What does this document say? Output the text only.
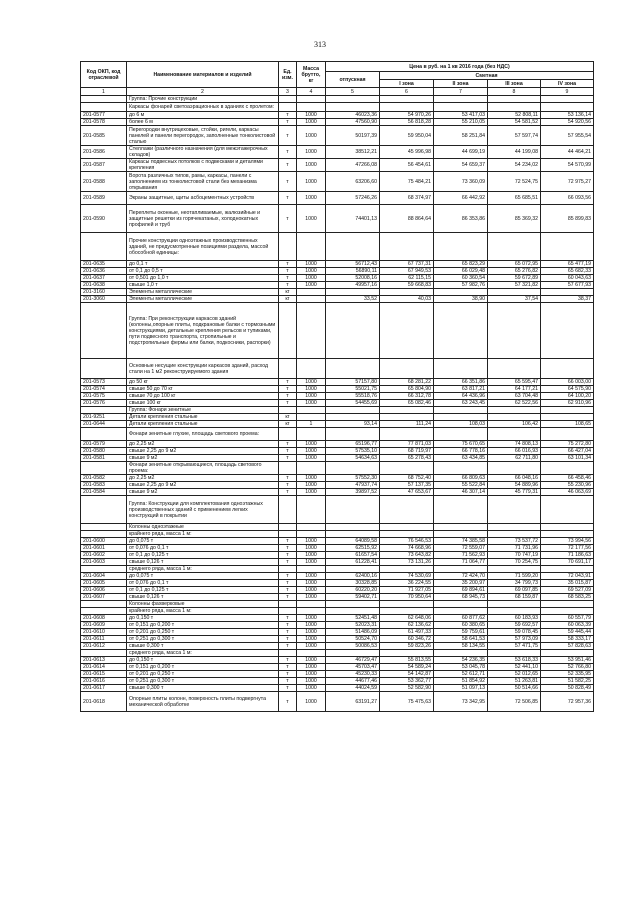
313
Код ОКП, код отраслевой	Наименование материалов и изделий	Ед. изм.	Масса брутто, кг	Цена в руб. на 1 кв 2016 года (без НДС)				
				отпускная	Сметная			
					I зона	II зона	III зона	IV зона
1	2	3	4	5	6	7	8	9
	Группа: Прочие конструкции							
	Каркасы фонарей светоаэрационных в зданиях с пролетом:							
201-0577	до 6 м	т	1000	46023,36	54 970,26	53 417,03	52 808,11	53 136,14
201-0578	более 6 м	т	1000	47560,90	56 818,28	55 210,05	54 581,52	54 920,56
201-0585	Перегородки внутрицеховые, стойки, ригели, каркасы панелей и панели перегородок, заполненные тонколистовой сталью	т	1000	50197,39	59 950,04	58 251,84	57 597,74	57 955,54
201-0586	Стеллажи (различного назначения (для межэтажерочных складов)	т	1000	38512,21	45 996,98	44 699,19	44 199,08	44 464,21
201-0587	Каркасы подвесных потолков с подвесками и деталями крепления	т	1000	47266,08	56 454,61	54 659,37	54 234,02	54 570,99
201-0588	Ворота различных типов, рамы, каркасы, панели с заполнением из тонколистовой стали без механизма открывания	т	1000	63206,60	75 484,21	73 360,09	72 524,75	72 975,27
201-0589	Экраны защитные, щиты асбоцементных устройств	т	1000	57246,26	68 374,97	66 442,92	65 685,51	66 093,56
201-0590	Переплеты оконные, неотапливаемые, жалюзийные и защитные решетки из горячекатаных, холоднокатных профилей и труб	т	1000	74401,13	88 864,64	86 353,86	85 369,32	85 899,83
	Прочие конструкции одноэтажных производственных зданий, не предусмотренные позициями раздела, массой обособной единицы:							
201-0635	до 0,1 т	т	1000	56712,43	67 737,31	65 823,29	65 072,95	65 477,19
201-0636	от 0,1 до 0,5 т	т	1000	56890,11	67 949,53	66 029,48	65 276,82	65 682,33
201-0637	от 0,501 до 1,0 т	т	1000	52008,16	62 115,15	60 360,54	59 672,89	60 043,63
201-0638	свыше 1,0 т	т	1000	49957,16	59 668,83	57 982,76	57 321,82	57 677,93
201-3160	Элементы металлические	кг						
201-3060	Элементы металлические	кг		33,52	40,03	38,90	37,54	38,37
	Группа: При реконструкции каркасов зданий (колонны,опорные плиты, подкрановые балки с тормозными конструкциями, детальные крепления рельсов и тупиками, пути подвесного транспорта, стропильные и подстропильные фермы или балки, подкосники, распорки)							
	Основные несущие конструкции каркасов зданий, расход стали на 1 м2 реконструируемого здания							
201-0573	до 50 кг	т	1000	57157,80	68 281,22	66 351,86	65 595,47	66 003,00
201-0574	свыше 50 до 70 кг	т	1000	55021,75	65 804,90	63 817,21	64 177,21	64 575,90
201-0575	свыше 70 до 100 кг	т	1000	55518,76	66 312,78	64 436,96	63 704,48	64 100,20
201-0576	свыше 100 кг	т	1000	54455,69	65 082,46	63 243,45	62 522,56	62 910,96
	Группа: Фонари зенитные							
201-9251	Детали крепления стальные	кг						
201-0644	Детали крепления стальные	кг	1	93,14	111,24	108,03	106,42	108,65
	Фонари зенитные глухие, площадь светового проема:							
201-0579	до 2,25 м2	т	1000	65196,77	77 871,03	75 670,65	74 808,13	75 272,80
201-0580	свыше 2,25 до 9 м2	т	1000	57535,10	68 719,97	66 778,16	66 016,93	66 427,04
201-0581	свыше 9 м2	т	1000	54634,63	65 278,43	63 434,85	62 711,80	63 101,34
	Фонари зенитные открывающиеся, площадь светового проема:							
201-0582	до 2,25 м2	т	1000	57552,30	68 752,40	66 809,63	66 048,16	66 458,46
201-0583	свыше 2,25 до 9 м2	т	1000	47937,74	57 137,35	55 522,84	54 889,96	55 230,96
201-0584	свыше 9 м2	т	1000	39897,52	47 653,67	46 307,14	45 779,31	46 063,69
	Группа: Конструкции для комплектования одноэтажных производственных зданий с применением легких конструкций в покрытии							
	Колонны одноэтажные							
	крайнего ряда, масса 1 м:							
201-0600	до 0,075 т	т	1000	64089,58	76 546,53	74 385,58	73 537,72	73 994,56
201-0601	от 0,076 до 0,1 т	т	1000	62515,92	74 668,96	72 559,07	71 731,96	72 177,56
201-0602	от 0,1 до 0,125 т	т	1000	61657,54	73 643,82	71 562,93	70 747,19	71 186,63
201-0603	свыше 0,126 т	т	1000	61228,41	73 131,26	71 064,77	70 254,75	70 691,17
	среднего ряда, масса 1 м:							
201-0604	до 0,075 т	т	1000	62400,16	74 530,69	72 424,70	71 599,20	72 043,91
201-0605	от 0,076 до 0,1 т	т	1000	30328,85	36 224,55	35 200,97	34 799,73	35 015,87
201-0606	от 0,1 до 0,125 т	т	1000	60220,20	71 927,05	69 894,61	69 097,85	69 527,09
201-0607	свыше 0,126 т	т	1000	59402,71	70 950,64	68 945,73	68 159,87	68 583,25
	Колонны фахверковые							
	крайнего ряда, масса 1 м:							
201-0608	до 0,150 т	т	1000	52451,48	62 648,06	60 877,62	60 183,93	60 557,79
201-0609	от 0,151 до 0,200 т	т	1000	52023,31	62 136,62	60 380,65	59 692,57	60 063,39
201-0610	от 0,201 до 0,250 т	т	1000	51486,09	61 497,33	59 759,61	59 078,45	59 445,44
201-0611	от 0,251 до 0,300 т	т	1000	50524,70	60 346,72	58 641,53	57 973,09	58 333,17
201-0612	свыше 0,300 т	т	1000	50086,53	59 823,26	58 134,55	57 471,75	57 828,63
	среднего ряда, масса 1 м:							
201-0613	до 0,150 т	т	1000	46729,47	55 813,55	54 236,35	53 618,33	53 951,46
201-0614	от 0,151 до 0,200 т	т	1000	45703,47	54 589,24	53 045,78	52 441,10	52 766,80
201-0615	от 0,201 до 0,250 т	т	1000	45230,33	54 142,87	52 612,71	52 012,65	52 335,95
201-0616	от 0,251 до 0,300 т	т	1000	44677,46	53 362,77	51 854,92	51 263,81	51 582,25
201-0617	свыше 0,300 т	т	1000	44024,59	52 582,90	51 097,13	50 514,66	50 828,49
201-0618	Опорные плиты колонн, поверхность плиты подвергнута механической обработке	т	1000	63191,27	75 475,63	73 342,95	72 506,85	72 957,36
